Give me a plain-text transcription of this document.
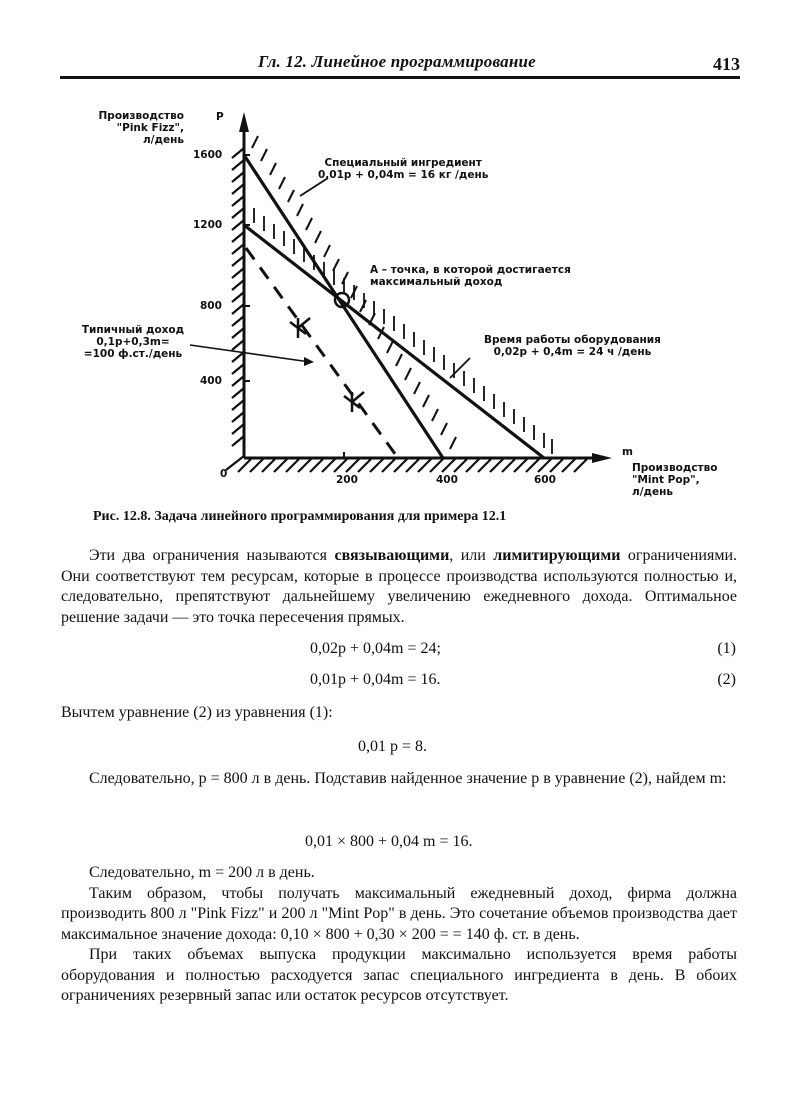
Гл. 12. Линейное программирование	413
Производство
"Pink Fizz",
л/день
P
1600
1200
800
400
0	200	400	600
m
Производство
"Mint Pop",
л/день
Специальный ингредиент
0,01p + 0,04m = 16 кг /день
A – точка, в которой достигается
максимальный доход
Время работы оборудования
0,02p + 0,4m = 24 ч /день
Типичный доход
0,1p+0,3m=
=100 ф.ст./день
Рис. 12.8. Задача линейного программирования для примера 12.1

Эти два ограничения называются связывающими, или лимитирующими ограничениями. Они соответствуют тем ресурсам, которые в процессе производства используются полностью и, следовательно, препятствуют дальнейшему увеличению ежедневного дохода. Оптимальное решение задачи — это точка пересечения прямых.

0,02p + 0,04m = 24;	(1)
0,01p + 0,04m = 16.	(2)

Вычтем уравнение (2) из уравнения (1):

0,01 p = 8.

Следовательно, p = 800 л в день. Подставив найденное значение p в уравнение (2), найдем m:

0,01 × 800 + 0,04 m = 16.

Следовательно, m = 200 л в день.

Таким образом, чтобы получать максимальный ежедневный доход, фирма должна производить 800 л "Pink Fizz" и 200 л "Mint Pop" в день. Это сочетание объемов производства дает максимальное значение дохода: 0,10 × 800 + 0,30 × 200 = = 140 ф. ст. в день.

При таких объемах выпуска продукции максимально используется время работы оборудования и полностью расходуется запас специального ингредиента в день. В обоих ограничениях резервный запас или остаток ресурсов отсутствует.
